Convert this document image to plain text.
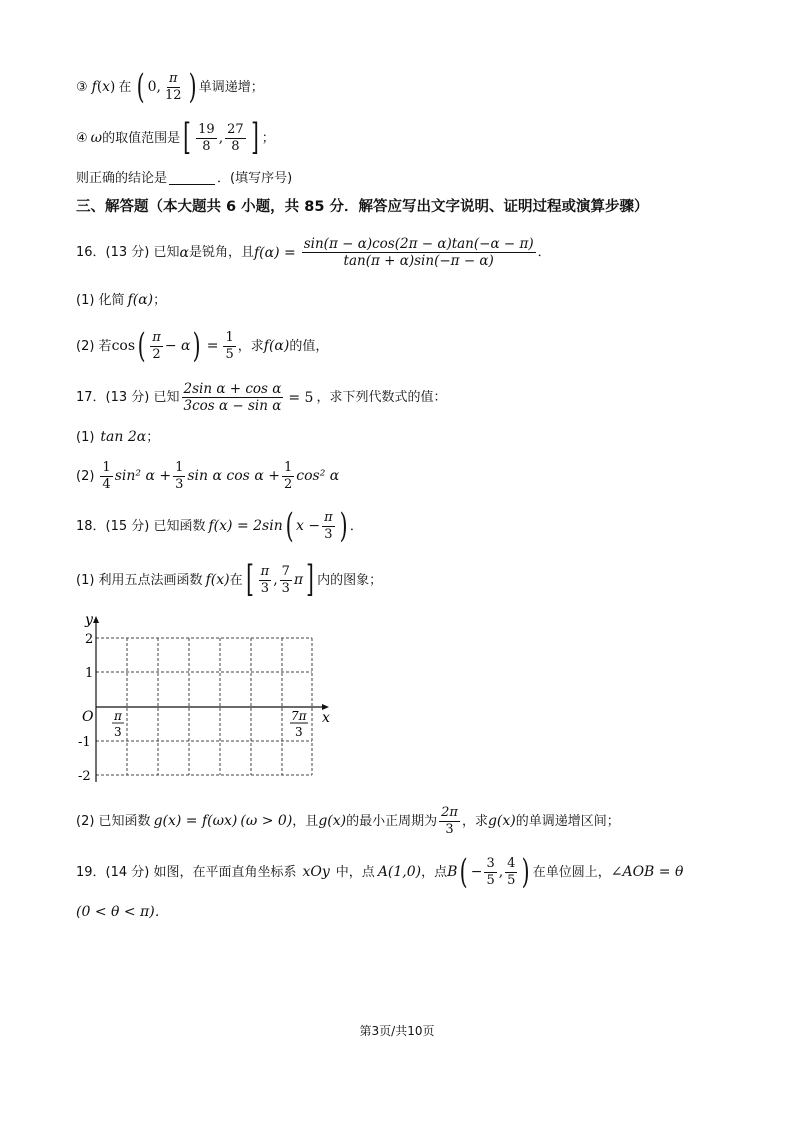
③ f ( x ) 在 ( 0, $\frac{\pi}{12}$ ) 单调递增；
④ ω 的取值范围是 [ $\frac{19}{8}$ , $\frac{27}{8}$ ] ；
则正确的结论是	．(填写序号)
三、解答题（本大题共 6 小题，共 85 分．解答应写出文字说明、证明过程或演算步骤）
16．(13 分) 已知 α 是锐角，且 $f(\alpha) = \frac{\sin(\pi - \alpha)\cos(2\pi - \alpha)\tan(-\alpha - \pi)}{\tan(\pi + \alpha)\sin(-\pi - \alpha)}$ ．
(1) 化简 f(α) ；
(2) 若 cos ( $\frac{\pi}{2} - \alpha$ ) = $\frac{1}{5}$ ，求 f(α) 的值，
17．(13 分) 已知 $\frac{\text{2sin α + cos α}}{\text{3cos α − sin α}} = 5$ ，求下列代数式的值：
(1) tan 2α ；
$(2) \frac{1}{4} \sin^2$ $\alpha + \frac{1}{3}$ sin α $\cos \alpha + \frac{1}{2} \cos^2$ α
18．(15 分) 已知函数 f(x) = 2sin ( $x - \frac{\pi}{3}$ ) ．
(1) 利用五点法画函数 f(x) 在 [ $\frac{\pi}{3}$ , $\frac{7}{3}$ π ] 内的图象；
y
x
O
2
1
-1
-2
π
3
7π
3
(2) 已知函数 g(x) = f(ωx) (ω > 0) ，且 g(x) 的最小正周期为 $\frac{2\pi}{3}$ ，求 g(x) 的单调递增区间；
19．(14 分) 如图，在平面直角坐标系 xOy 中，点 A(1,0) ，点 B ( − $\frac{3}{5}$ , $\frac{4}{5}$ ) 在单位圆上， ∠AOB = θ
(0 < θ < π)．
第3页/共10页
